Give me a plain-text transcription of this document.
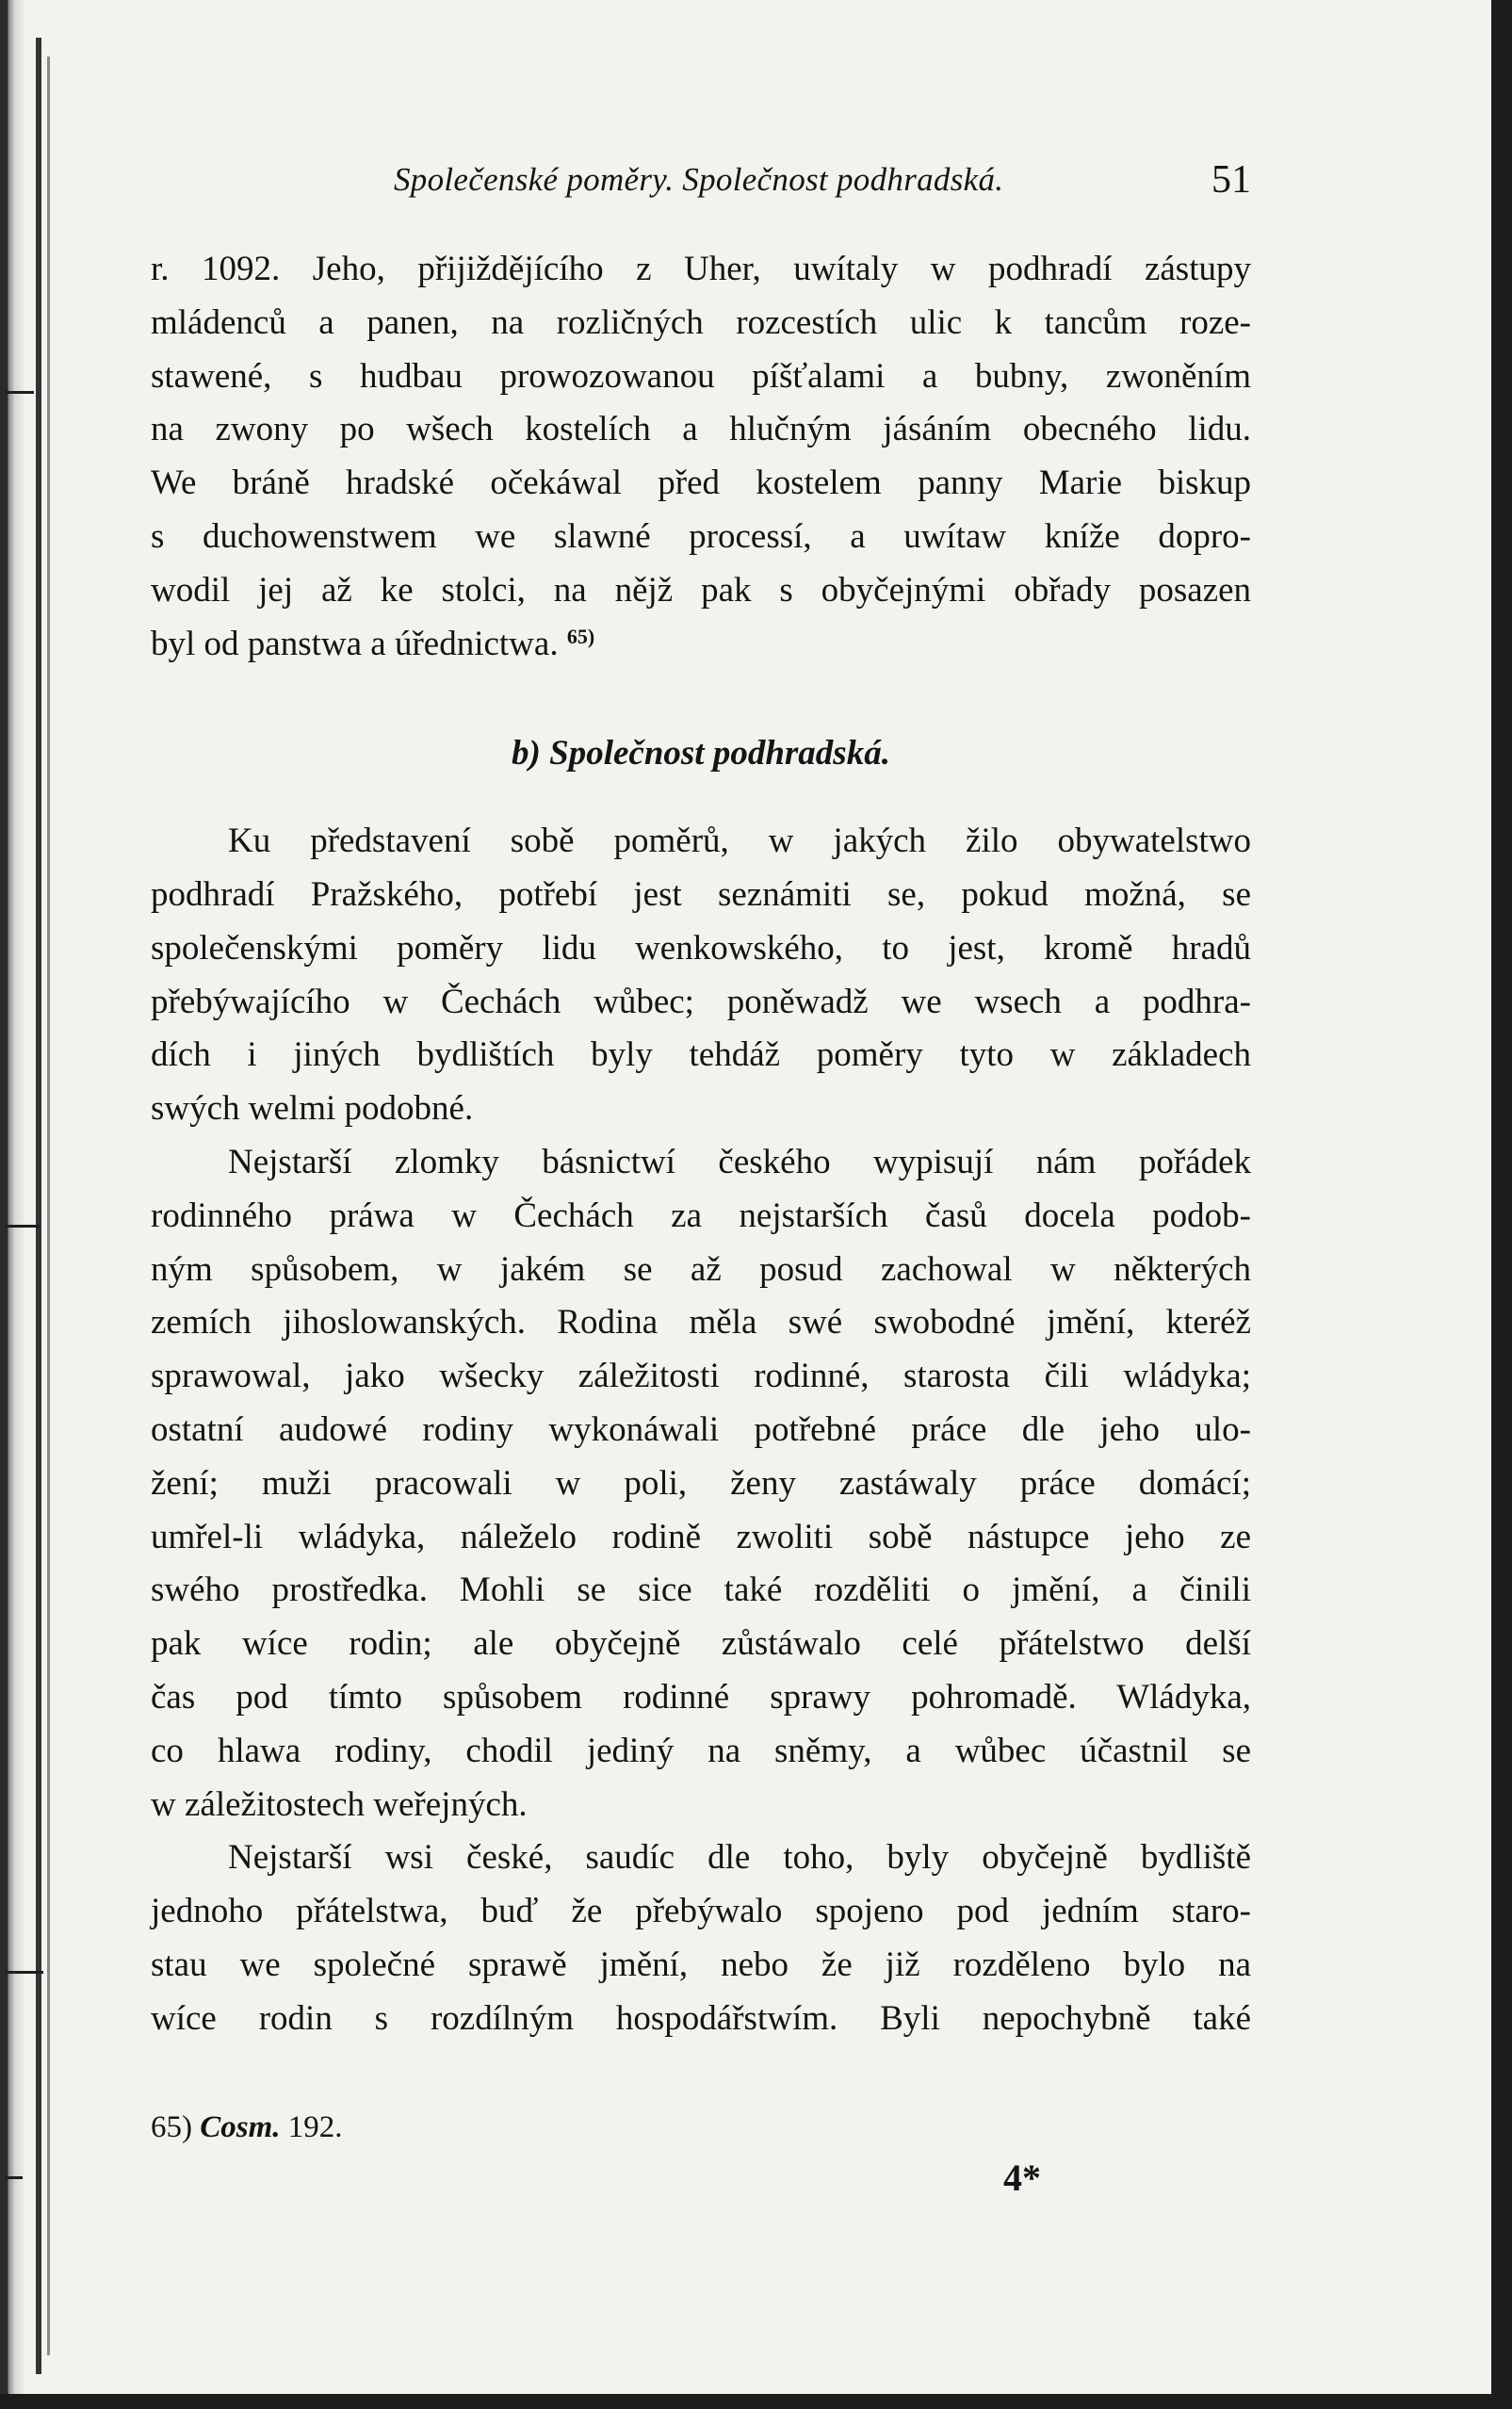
Společenské poměry. Společnost podhradská.	51
r. 1092. Jeho, přijiždějícího z Uher, uwítaly w podhradí zástupy
mládenců a panen, na rozličných rozcestích ulic k tancům roze-
stawené, s hudbau prowozowanou píšťalami a bubny, zwoněním
na zwony po wšech kostelích a hlučným jásáním obecného lidu.
We bráně hradské očekáwal před kostelem panny Marie biskup
s duchowenstwem we slawné processí, a uwítaw kníže dopro-
wodil jej až ke stolci, na nějž pak s obyčejnými obřady posazen
byl od panstwa a úřednictwa. $^{65)}$
b) Společnost podhradská.
Ku představení sobě poměrů, w jakých žilo obywatelstwo
podhradí Pražského, potřebí jest seznámiti se, pokud možná, se
společenskými poměry lidu wenkowského, to jest, kromě hradů
přebýwajícího w Čechách wůbec; poněwadž we wsech a podhra-
dích i jiných bydlištích byly tehdáž poměry tyto w základech
swých welmi podobné.
Nejstarší zlomky básnictwí českého wypisují nám pořádek
rodinného práwa w Čechách za nejstarších časů docela podob-
ným spůsobem, w jakém se až posud zachowal w některých
zemích jihoslowanských. Rodina měla swé swobodné jmění, kteréž
sprawowal, jako wšecky záležitosti rodinné, starosta čili wládyka;
ostatní audowé rodiny wykonáwali potřebné práce dle jeho ulo-
žení; muži pracowali w poli, ženy zastáwaly práce domácí;
umřel-li wládyka, náleželo rodině zwoliti sobě nástupce jeho ze
swého prostředka. Mohli se sice také rozděliti o jmění, a činili
pak wíce rodin; ale obyčejně zůstáwalo celé přátelstwo delší
čas pod tímto spůsobem rodinné sprawy pohromadě. Wládyka,
co hlawa rodiny, chodil jediný na sněmy, a wůbec účastnil se
w záležitostech weřejných.
Nejstarší wsi české, saudíc dle toho, byly obyčejně bydliště
jednoho přátelstwa, buď že přebýwalo spojeno pod jedním staro-
stau we společné sprawě jmění, nebo že již rozděleno bylo na
wíce rodin s rozdílným hospodářstwím. Byli nepochybně také
65) Cosm. 192.
4*
